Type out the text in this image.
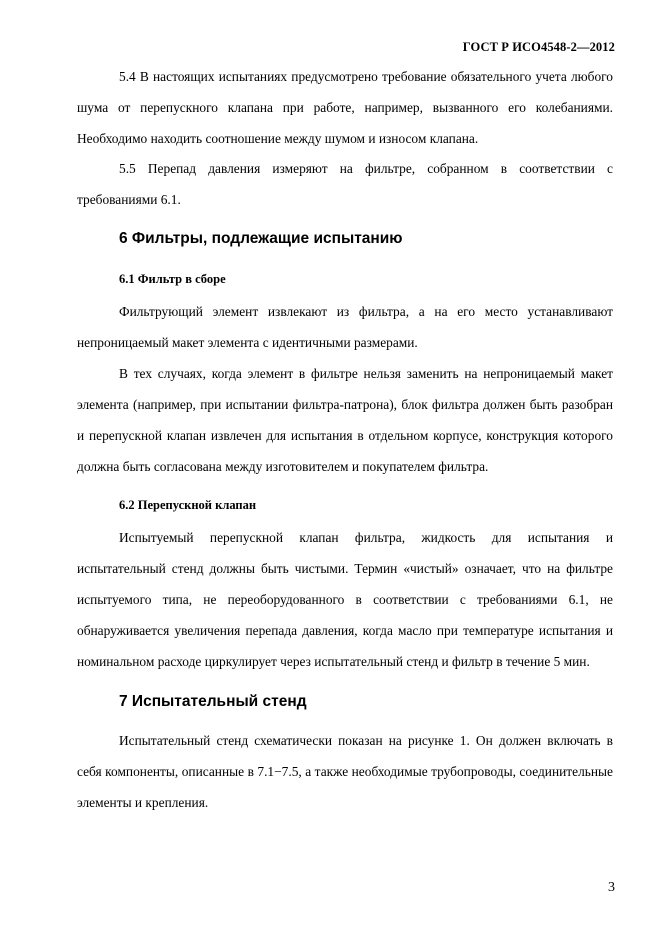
ГОСТ Р ИСО4548-2—2012

5.4 В настоящих испытаниях предусмотрено требование обязательного учета любого шума от перепускного клапана при работе, например, вызванного его колебаниями. Необходимо находить соотношение между шумом и износом клапана.

5.5 Перепад давления измеряют на фильтре, собранном в соответствии с требованиями 6.1.

6 Фильтры, подлежащие испытанию
6.1 Фильтр в сборе

Фильтрующий элемент извлекают из фильтра, а на его место устанавливают непроницаемый макет элемента с идентичными размерами.

В тех случаях, когда элемент в фильтре нельзя заменить на непроницаемый макет элемента (например, при испытании фильтра-патрона), блок фильтра должен быть разобран и перепускной клапан извлечен для испытания в отдельном корпусе, конструкция которого должна быть согласована между изготовителем и покупателем фильтра.

6.2 Перепускной клапан

Испытуемый перепускной клапан фильтра, жидкость для испытания и испытательный стенд должны быть чистыми. Термин «чистый» означает, что на фильтре испытуемого типа, не переоборудованного в соответствии с требованиями 6.1, не обнаруживается увеличения перепада давления, когда масло при температуре испытания и номинальном расходе циркулирует через испытательный стенд и фильтр в течение 5 мин.

7 Испытательный стенд

Испытательный стенд схематически показан на рисунке 1. Он должен включать в себя компоненты, описанные в 7.1−7.5, а также необходимые трубопроводы, соединительные элементы и крепления.

3
